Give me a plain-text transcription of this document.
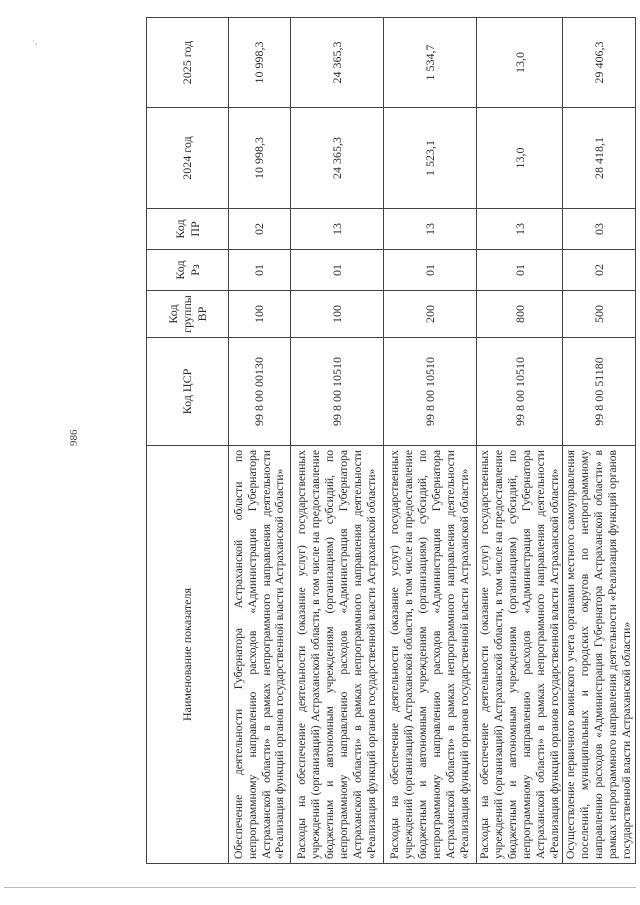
·,
986
Наименование показателя	Код ЦСР	Код группы ВР	Код Рз	Код ПР	2024 год	2025 год
Обеспечение деятельности Губернатора Астраханской области по непрограммному направлению расходов «Администрация Губернатора Астраханской области» в рамках непрограммного направления деятельности «Реализация функций органов государственной власти Астраханской области»	99 8 00 00130	100	01	02	10 998,3	10 998,3
Расходы на обеспечение деятельности (оказание услуг) государственных учреждений (организаций) Астраханской области, в том числе на предоставление бюджетным и автономным учреждениям (организациям) субсидий, по непрограммному направлению расходов «Администрация Губернатора Астраханской области» в рамках непрограммного направления деятельности «Реализация функций органов государственной власти Астраханской области»	99 8 00 10510	100	01	13	24 365,3	24 365,3
Расходы на обеспечение деятельности (оказание услуг) государственных учреждений (организаций) Астраханской области, в том числе на предоставление бюджетным и автономным учреждениям (организациям) субсидий, по непрограммному направлению расходов «Администрация Губернатора Астраханской области» в рамках непрограммного направления деятельности «Реализация функций органов государственной власти Астраханской области»	99 8 00 10510	200	01	13	1 523,1	1 534,7
Расходы на обеспечение деятельности (оказание услуг) государственных учреждений (организаций) Астраханской области, в том числе на предоставление бюджетным и автономным учреждениям (организациям) субсидий, по непрограммному направлению расходов «Администрация Губернатора Астраханской области» в рамках непрограммного направления деятельности «Реализация функций органов государственной власти Астраханской области»	99 8 00 10510	800	01	13	13,0	13,0
Осуществление первичного воинского учета органами местного самоуправления поселений, муниципальных и городских округов по непрограммному направлению расходов «Администрация Губернатора Астраханской области» в рамках непрограммного направления деятельности «Реализация функций органов государственной власти Астраханской области»	99 8 00 51180	500	02	03	28 418,1	29 406,3
